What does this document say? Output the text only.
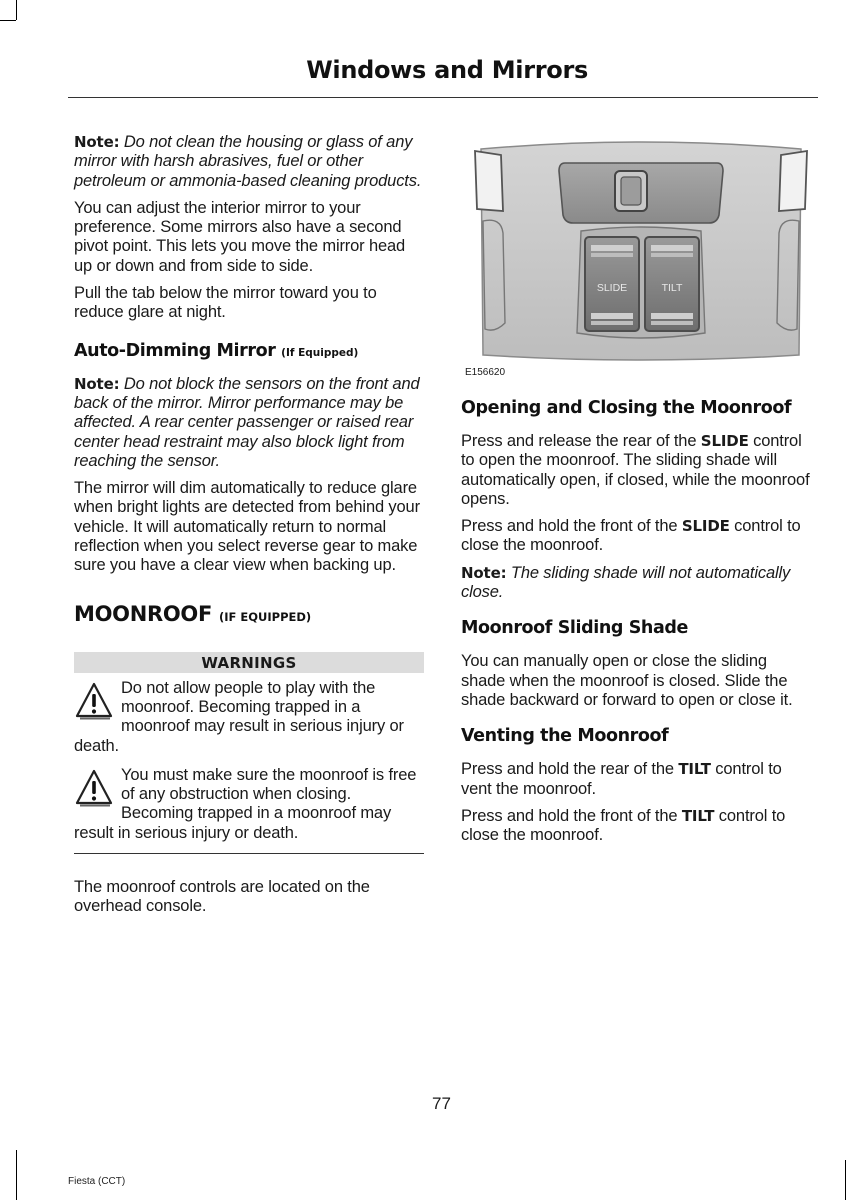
Windows and Mirrors

Note: Do not clean the housing or glass of any mirror with harsh abrasives, fuel or other petroleum or ammonia-based cleaning products.

You can adjust the interior mirror to your preference. Some mirrors also have a second pivot point. This lets you move the mirror head up or down and from side to side.

Pull the tab below the mirror toward you to reduce glare at night.

Auto-Dimming Mirror (If Equipped)

Note: Do not block the sensors on the front and back of the mirror. Mirror performance may be affected. A rear center passenger or raised rear center head restraint may also block light from reaching the sensor.

The mirror will dim automatically to reduce glare when bright lights are detected from behind your vehicle. It will automatically return to normal reflection when you select reverse gear to make sure you have a clear view when backing up.

MOONROOF (IF EQUIPPED)
WARNINGS
Do not allow people to play with the moonroof. Becoming trapped in a moonroof may result in serious injury or death.
You must make sure the moonroof is free of any obstruction when closing. Becoming trapped in a moonroof may result in serious injury or death.

The moonroof controls are located on the overhead console.

SLIDE	TILT
E156620
Opening and Closing the Moonroof

Press and release the rear of the SLIDE control to open the moonroof. The sliding shade will automatically open, if closed, while the moonroof opens.

Press and hold the front of the SLIDE control to close the moonroof.

Note: The sliding shade will not automatically close.

Moonroof Sliding Shade

You can manually open or close the sliding shade when the moonroof is closed. Slide the shade backward or forward to open or close it.

Venting the Moonroof

Press and hold the rear of the TILT control to vent the moonroof.

Press and hold the front of the TILT control to close the moonroof.

77
Fiesta (CCT)
